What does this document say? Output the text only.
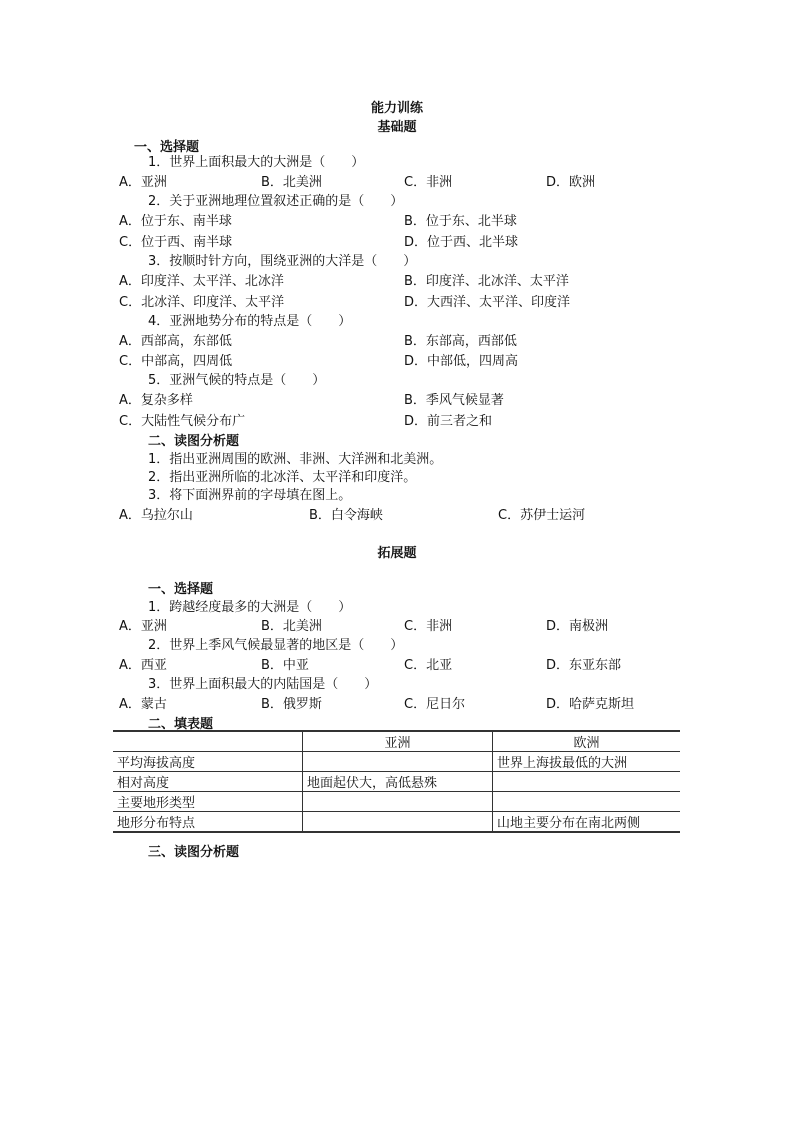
能力训练
基础题
一、选择题
1．世界上面积最大的大洲是（　　）
A．亚洲	B．北美洲	C．非洲	D．欧洲
2．关于亚洲地理位置叙述正确的是（　　）
A．位于东、南半球	B．位于东、北半球
C．位于西、南半球	D．位于西、北半球
3．按顺时针方向，围绕亚洲的大洋是（　　）
A．印度洋、太平洋、北冰洋	B．印度洋、北冰洋、太平洋
C．北冰洋、印度洋、太平洋	D．大西洋、太平洋、印度洋
4．亚洲地势分布的特点是（　　）
A．西部高，东部低	B．东部高，西部低
C．中部高，四周低	D．中部低，四周高
5．亚洲气候的特点是（　　）
A．复杂多样	B．季风气候显著
C．大陆性气候分布广	D．前三者之和
二、读图分析题
1．指出亚洲周围的欧洲、非洲、大洋洲和北美洲。
2．指出亚洲所临的北冰洋、太平洋和印度洋。
3．将下面洲界前的字母填在图上。
A．乌拉尔山	B．白令海峡	C．苏伊士运河
拓展题
一、选择题
1．跨越经度最多的大洲是（　　）
A．亚洲	B．北美洲	C．非洲	D．南极洲
2．世界上季风气候最显著的地区是（　　）
A．西亚	B．中亚	C．北亚	D．东亚东部
3．世界上面积最大的内陆国是（　　）
A．蒙古	B．俄罗斯	C．尼日尔	D．哈萨克斯坦
二、填表题
	亚洲	欧洲
平均海拔高度		世界上海拔最低的大洲
相对高度	地面起伏大，高低悬殊	
主要地形类型		
地形分布特点		山地主要分布在南北两侧
三、读图分析题
